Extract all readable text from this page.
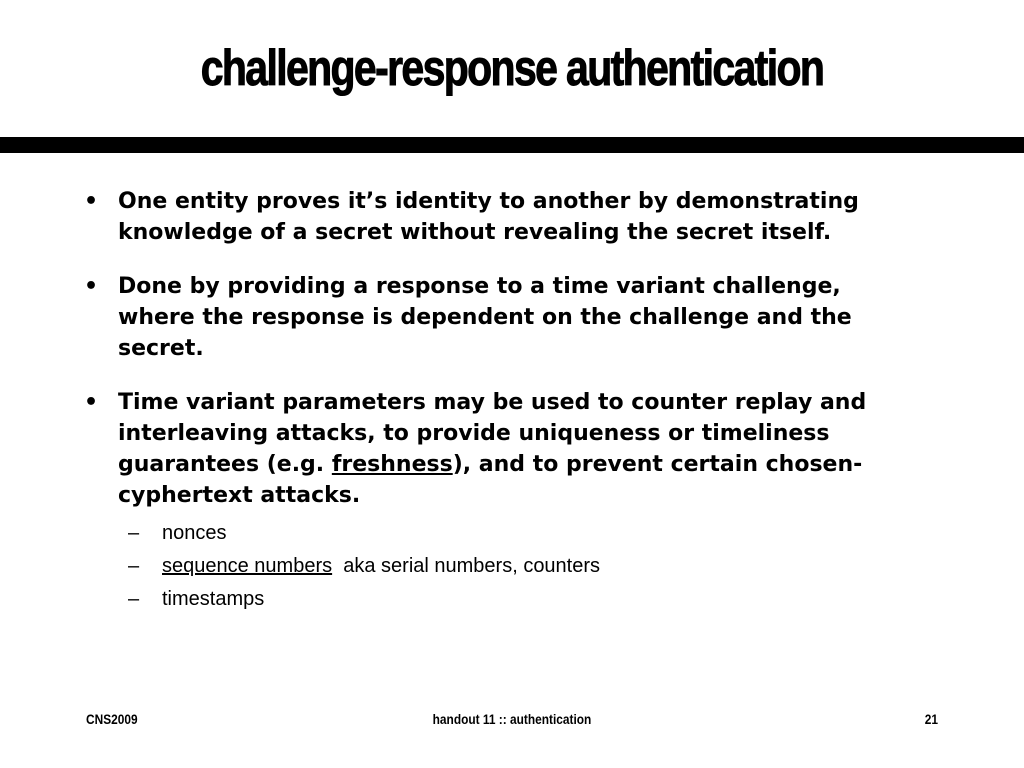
challenge-response authentication
• One entity proves it’s identity to another by demonstrating knowledge of a secret without revealing the secret itself.
• Done by providing a response to a time variant challenge, where the response is dependent on the challenge and the secret.
• Time variant parameters may be used to counter replay and interleaving attacks, to provide uniqueness or timeliness guarantees (e.g. freshness), and to prevent certain chosen-cyphertext attacks.
– nonces
– sequence numbers aka serial numbers, counters
– timestamps
CNS2009	handout 11 :: authentication	21
